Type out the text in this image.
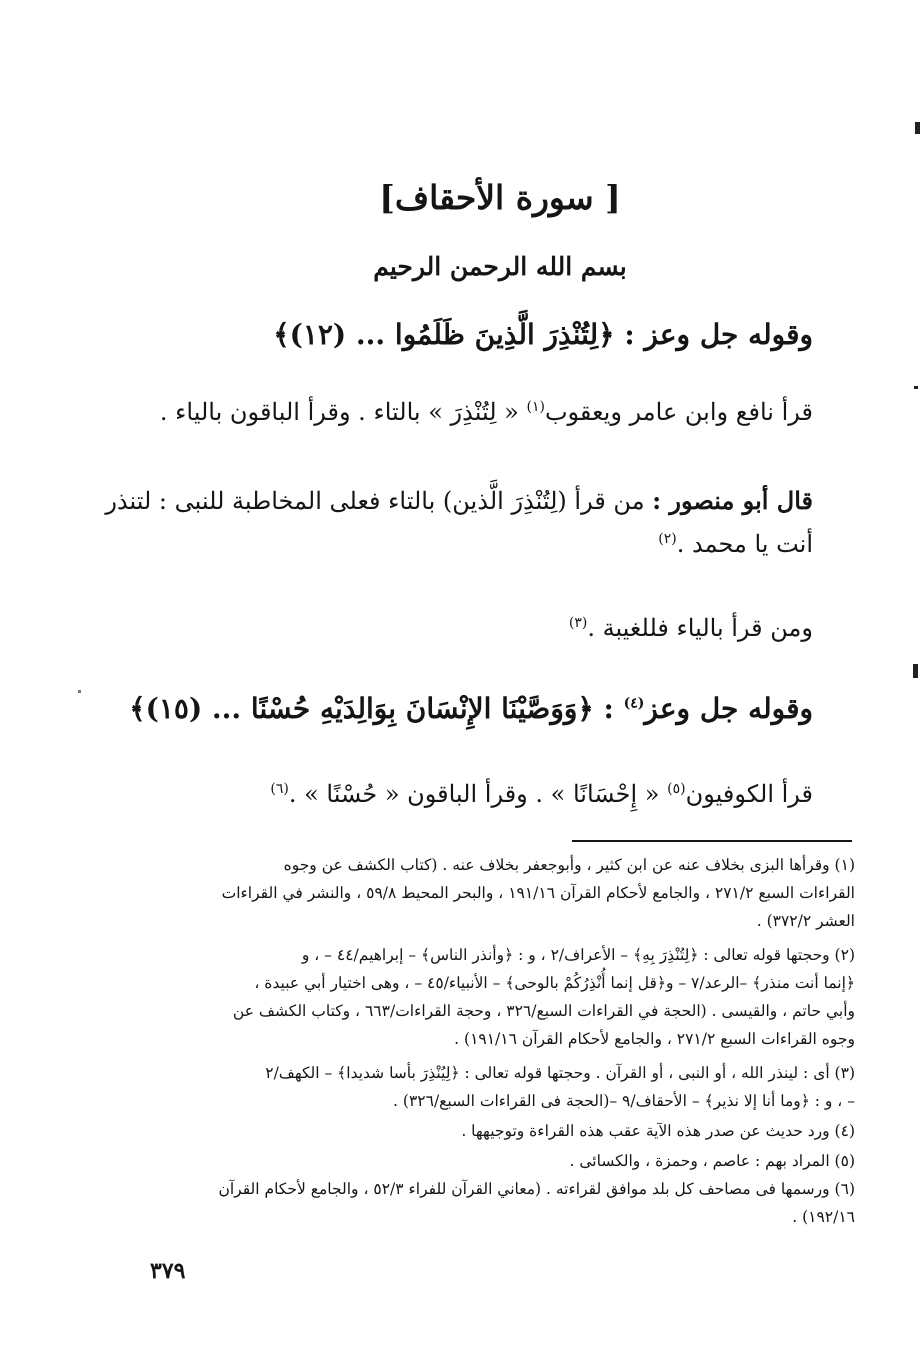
[ سورة الأحقاف]
بسم الله الرحمن الرحيم
وقوله جل وعز : ﴿لِتُنْذِرَ الَّذِينَ ظَلَمُوا ... (١٢)﴾
قرأ نافع وابن عامر ويعقوب$^{(١)}$ « لِتُنْذِرَ » بالتاء . وقرأ الباقون بالياء .
قال أبو منصور : من قرأ (لِتُنْذِرَ الَّذين) بالتاء فعلى المخاطبة للنبى : لتنذر
أنت يا محمد .$^{(٢)}$
ومن قرأ بالياء فللغيبة .$^{(٣)}$
وقوله جل وعز$^{(٤)}$ : ﴿وَوَصَّيْنَا الإِنْسَانَ بِوَالِدَيْهِ حُسْنًا ... (١٥)﴾
قرأ الكوفيون$^{(٥)}$ « إِحْسَانًا » . وقرأ الباقون « حُسْنًا » .$^{(٦)}$
(١) وقرأها البزى بخلاف عنه عن ابن كثير ، وأبوجعفر بخلاف عنه . (كتاب الكشف عن وجوه
القراءات السبع ٢٧١/٢ ، والجامع لأحكام القرآن ١٩١/١٦ ، والبحر المحيط ٥٩/٨ ، والنشر في القراءات
العشر ٣٧٢/٢) .
(٢) وحجتها قوله تعالى : ﴿لِتُنْذِرَ بِهِ﴾ – الأعراف/٢ ، و : ﴿وأنذر الناس﴾ – إبراهيم/٤٤ – ، و
﴿إنما أنت منذر﴾ –الرعد/٧ – و﴿قل إنما أُنْذِرُكُمْ بالوحى﴾ – الأنبياء/٤٥ – ، وهى اختيار أبي عبيدة ،
وأبي حاتم ، والقيسى . (الحجة في القراءات السبع/٣٢٦ ، وحجة القراءات/٦٦٣ ، وكتاب الكشف عن
وجوه القراءات السبع ٢٧١/٢ ، والجامع لأحكام القرآن ١٩١/١٦) .
(٣) أى : لينذر الله ، أو النبى ، أو القرآن . وحجتها قوله تعالى : ﴿لِيُنْذِرَ بأسا شديدا﴾ – الكهف/٢
– ، و : ﴿وما أنا إلا نذير﴾ – الأحقاف/٩ –(الحجة فى القراءات السبع/٣٢٦) .
(٤) ورد حديث عن صدر هذه الآية عقب هذه القراءة وتوجيهها .
(٥) المراد بهم : عاصم ، وحمزة ، والكسائى .
(٦) ورسمها فى مصاحف كل بلد موافق لقراءته . (معاني القرآن للفراء ٥٢/٣ ، والجامع لأحكام القرآن
١٩٢/١٦) .
٣٧٩
